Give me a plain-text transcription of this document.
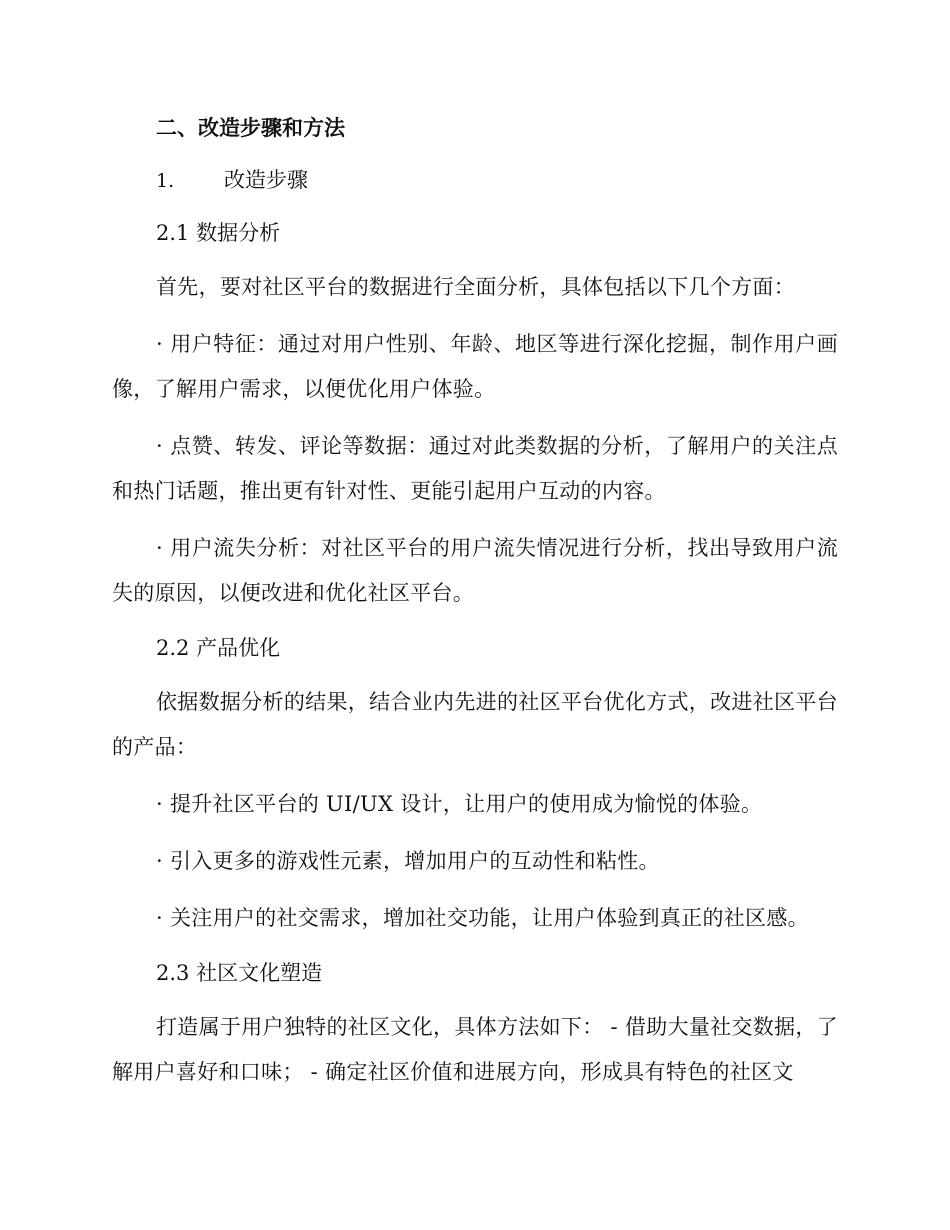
二、改造步骤和方法
1.	改造步骤

2.1 数据分析

首先，要对社区平台的数据进行全面分析，具体包括以下几个方面：

· 用户特征：通过对用户性别、年龄、地区等进行深化挖掘，制作用户画像，了解用户需求，以便优化用户体验。

· 点赞、转发、评论等数据：通过对此类数据的分析，了解用户的关注点和热门话题，推出更有针对性、更能引起用户互动的内容。

· 用户流失分析：对社区平台的用户流失情况进行分析，找出导致用户流失的原因，以便改进和优化社区平台。

2.2 产品优化

依据数据分析的结果，结合业内先进的社区平台优化方式，改进社区平台的产品：

· 提升社区平台的 UI/UX 设计，让用户的使用成为愉悦的体验。

· 引入更多的游戏性元素，增加用户的互动性和粘性。

· 关注用户的社交需求，增加社交功能，让用户体验到真正的社区感。

2.3 社区文化塑造

打造属于用户独特的社区文化，具体方法如下： - 借助大量社交数据，了解用户喜好和口味； - 确定社区价值和进展方向，形成具有特色的社区文
